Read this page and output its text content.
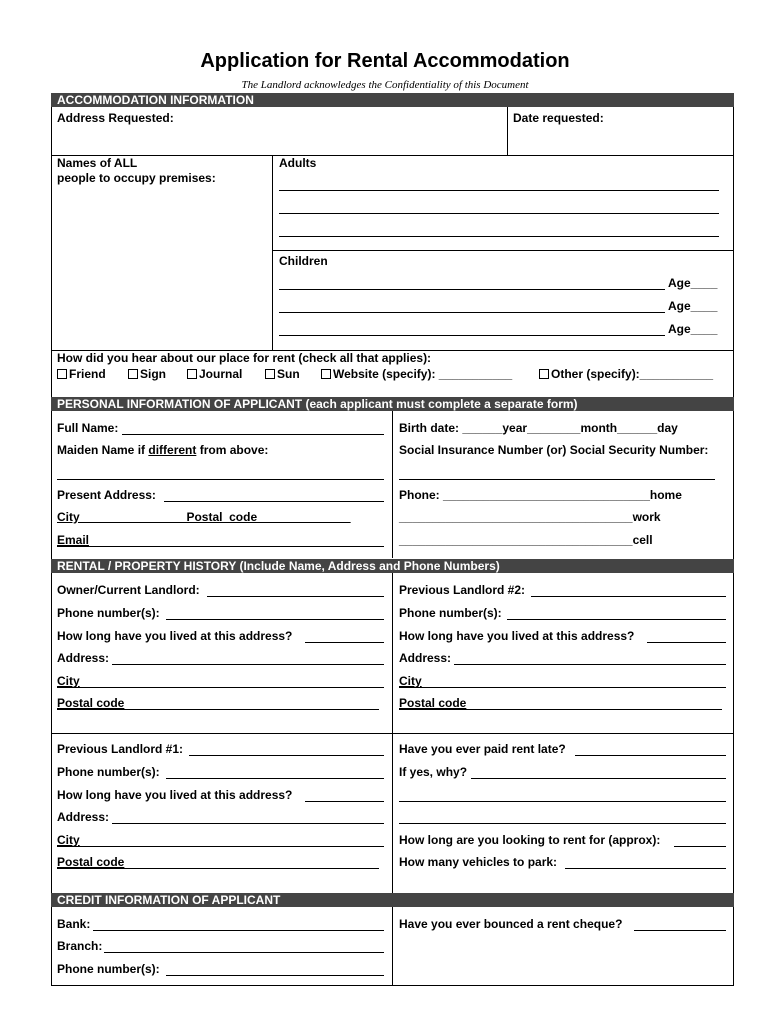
Application for Rental Accommodation
The Landlord acknowledges the Confidentiality of this Document
ACCOMMODATION INFORMATION
Address Requested:	Date requested:
Names of ALL
people to occupy premises:
Adults
Children
Age____
Age____
Age____
How did you hear about our place for rent (check all that applies):
Friend	Sign	Journal	Sun	Website (specify): ___________	Other (specify):___________
PERSONAL INFORMATION OF APPLICANT (each applicant must complete a separate form)
Full Name:
Maiden Name if different from above:
Present Address:
City________________Postal_code______________
Email
Birth date: ______year________month______day
Social Insurance Number (or) Social Security Number:
Phone: _______________________________home
___________________________________work
___________________________________cell
RENTAL / PROPERTY HISTORY (Include Name, Address and Phone Numbers)
Owner/Current Landlord:
Phone number(s):
How long have you lived at this address?
Address:
City
Postal code
Previous Landlord #2:
Phone number(s):
How long have you lived at this address?
Address:
City
Postal code
Previous Landlord #1:
Phone number(s):
How long have you lived at this address?
Address:
City
Postal code
Have you ever paid rent late?
If yes, why?
How long are you looking to rent for (approx):
How many vehicles to park:
CREDIT INFORMATION OF APPLICANT
Bank:
Branch:
Phone number(s):
Have you ever bounced a rent cheque?
